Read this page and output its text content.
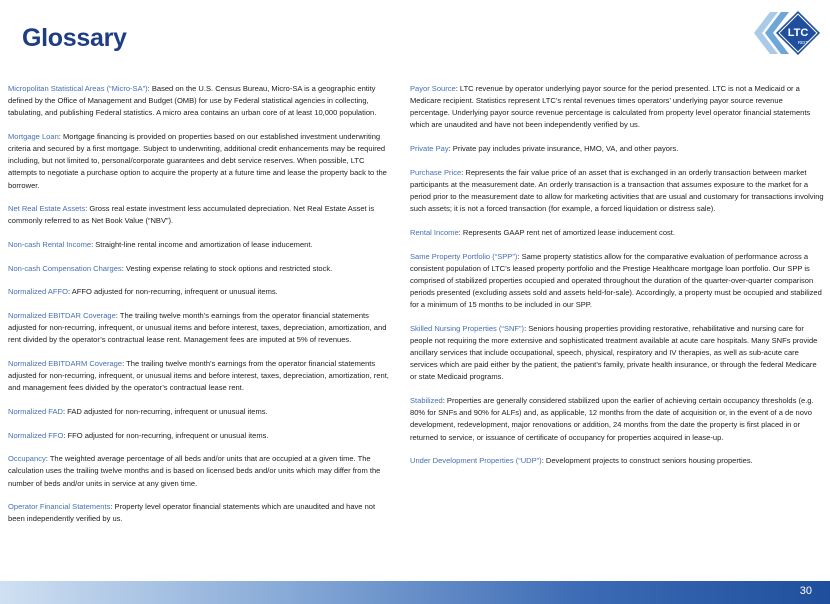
Glossary	LTC
REIT

Micropolitan Statistical Areas (“Micro-SA”): Based on the U.S. Census Bureau, Micro-SA is a geographic entity defined by the Office of Management and Budget (OMB) for use by Federal statistical agencies in collecting, tabulating, and publishing Federal statistics. A micro area contains an urban core of at least 10,000 population.

Mortgage Loan: Mortgage financing is provided on properties based on our established investment underwriting criteria and secured by a first mortgage. Subject to underwriting, additional credit enhancements may be required including, but not limited to, personal/corporate guarantees and debt service reserves. When possible, LTC attempts to negotiate a purchase option to acquire the property at a future time and lease the property back to the borrower.

Net Real Estate Assets: Gross real estate investment less accumulated depreciation. Net Real Estate Asset is commonly referred to as Net Book Value (“NBV”).

Non-cash Rental Income: Straight-line rental income and amortization of lease inducement.

Non-cash Compensation Charges: Vesting expense relating to stock options and restricted stock.

Normalized AFFO: AFFO adjusted for non-recurring, infrequent or unusual items.

Normalized EBITDAR Coverage: The trailing twelve month’s earnings from the operator financial statements adjusted for non-recurring, infrequent, or unusual items and before interest, taxes, depreciation, amortization, and rent divided by the operator’s contractual lease rent. Management fees are imputed at 5% of revenues.

Normalized EBITDARM Coverage: The trailing twelve month’s earnings from the operator financial statements adjusted for non-recurring, infrequent, or unusual items and before interest, taxes, depreciation, amortization, rent, and management fees divided by the operator’s contractual lease rent.

Normalized FAD: FAD adjusted for non-recurring, infrequent or unusual items.

Normalized FFO: FFO adjusted for non-recurring, infrequent or unusual items.

Occupancy: The weighted average percentage of all beds and/or units that are occupied at a given time. The calculation uses the trailing twelve months and is based on licensed beds and/or units which may differ from the number of beds and/or units in service at any given time.

Operator Financial Statements: Property level operator financial statements which are unaudited and have not been independently verified by us.

Payor Source: LTC revenue by operator underlying payor source for the period presented. LTC is not a Medicaid or a Medicare recipient. Statistics represent LTC’s rental revenues times operators’ underlying payor source revenue percentage. Underlying payor source revenue percentage is calculated from property level operator financial statements which are unaudited and have not been independently verified by us.

Private Pay: Private pay includes private insurance, HMO, VA, and other payors.

Purchase Price: Represents the fair value price of an asset that is exchanged in an orderly transaction between market participants at the measurement date. An orderly transaction is a transaction that assumes exposure to the market for a period prior to the measurement date to allow for marketing activities that are usual and customary for transactions involving such assets; it is not a forced transaction (for example, a forced liquidation or distress sale).

Rental Income: Represents GAAP rent net of amortized lease inducement cost.

Same Property Portfolio (“SPP”): Same property statistics allow for the comparative evaluation of performance across a consistent population of LTC’s leased property portfolio and the Prestige Healthcare mortgage loan portfolio. Our SPP is comprised of stabilized properties occupied and operated throughout the duration of the quarter-over-quarter comparison periods presented (excluding assets sold and assets held-for-sale). Accordingly, a property must be occupied and stabilized for a minimum of 15 months to be included in our SPP.

Skilled Nursing Properties (“SNF”): Seniors housing properties providing restorative, rehabilitative and nursing care for people not requiring the more extensive and sophisticated treatment available at acute care hospitals. Many SNFs provide ancillary services that include occupational, speech, physical, respiratory and IV therapies, as well as sub-acute care services which are paid either by the patient, the patient’s family, private health insurance, or through the federal Medicare or state Medicaid programs.

Stabilized: Properties are generally considered stabilized upon the earlier of achieving certain occupancy thresholds (e.g. 80% for SNFs and 90% for ALFs) and, as applicable, 12 months from the date of acquisition or, in the event of a de novo development, redevelopment, major renovations or addition, 24 months from the date the property is first placed in or returned to service, or issuance of certificate of occupancy for properties acquired in lease-up.

Under Development Properties (“UDP”): Development projects to construct seniors housing properties.

30
